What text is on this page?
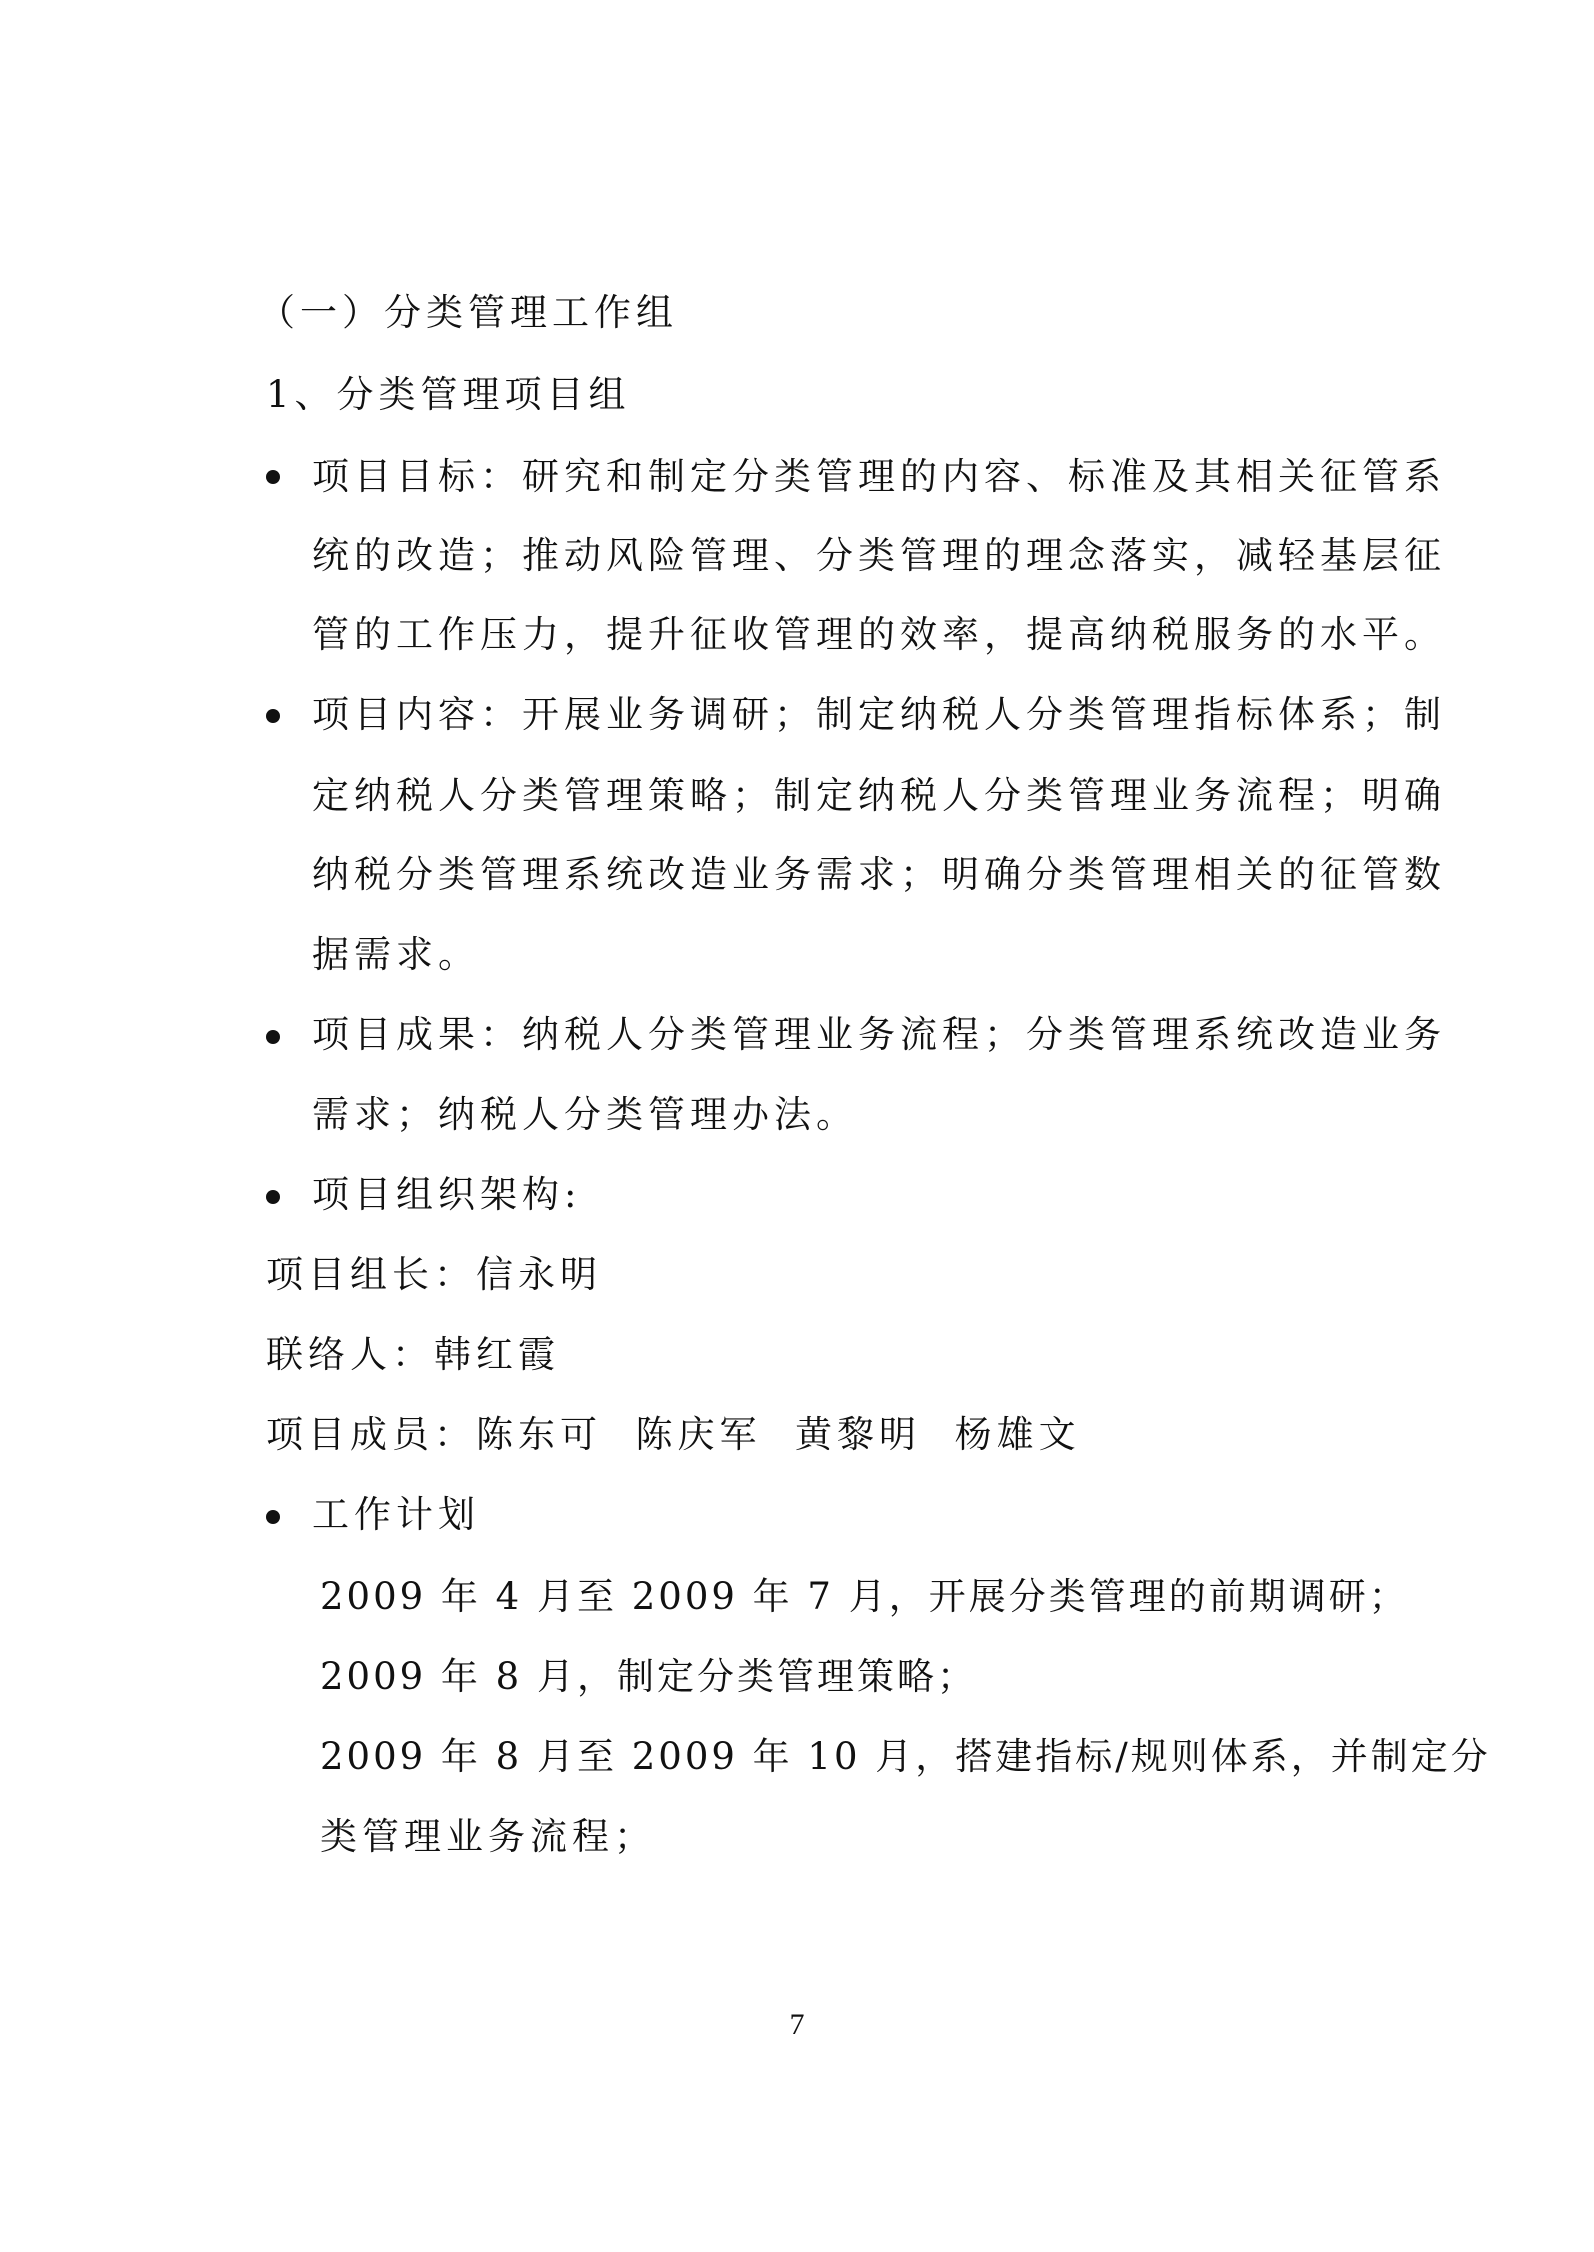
（一）分类管理工作组
1、分类管理项目组
项目目标：研究和制定分类管理的内容、标准及其相关征管系
统的改造；推动风险管理、分类管理的理念落实，减轻基层征
管的工作压力，提升征收管理的效率，提高纳税服务的水平。
项目内容：开展业务调研；制定纳税人分类管理指标体系；制
定纳税人分类管理策略；制定纳税人分类管理业务流程；明确
纳税分类管理系统改造业务需求；明确分类管理相关的征管数
据需求。
项目成果：纳税人分类管理业务流程；分类管理系统改造业务
需求；纳税人分类管理办法。
项目组织架构:
项目组长：信永明
联络人：韩红霞
项目成员：陈东可  陈庆军  黄黎明  杨雄文
工作计划
2009 年 4 月至 2009 年 7 月，开展分类管理的前期调研；
2009 年 8 月，制定分类管理策略；
2009 年 8 月至 2009 年 10 月，搭建指标/规则体系，并制定分
类管理业务流程；
7
